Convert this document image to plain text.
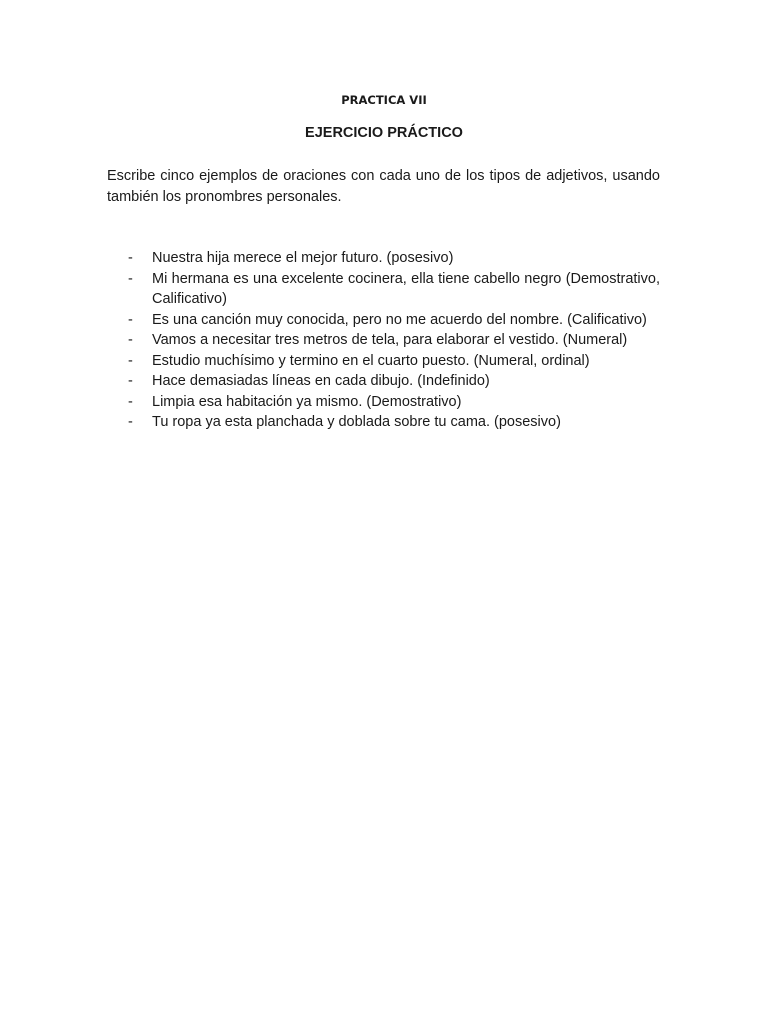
PRACTICA VII
EJERCICIO PRÁCTICO

Escribe cinco ejemplos de oraciones con cada uno de los tipos de adjetivos, usando también los pronombres personales.

- Nuestra hija merece el mejor futuro. (posesivo)
- Mi hermana es una excelente cocinera, ella tiene cabello negro (Demostrativo, Calificativo)
- Es una canción muy conocida, pero no me acuerdo del nombre. (Calificativo)
- Vamos a necesitar tres metros de tela, para elaborar el vestido. (Numeral)
- Estudio muchísimo y termino en el cuarto puesto. (Numeral, ordinal)
- Hace demasiadas líneas en cada dibujo. (Indefinido)
- Limpia esa habitación ya mismo. (Demostrativo)
- Tu ropa ya esta planchada y doblada sobre tu cama. (posesivo)
